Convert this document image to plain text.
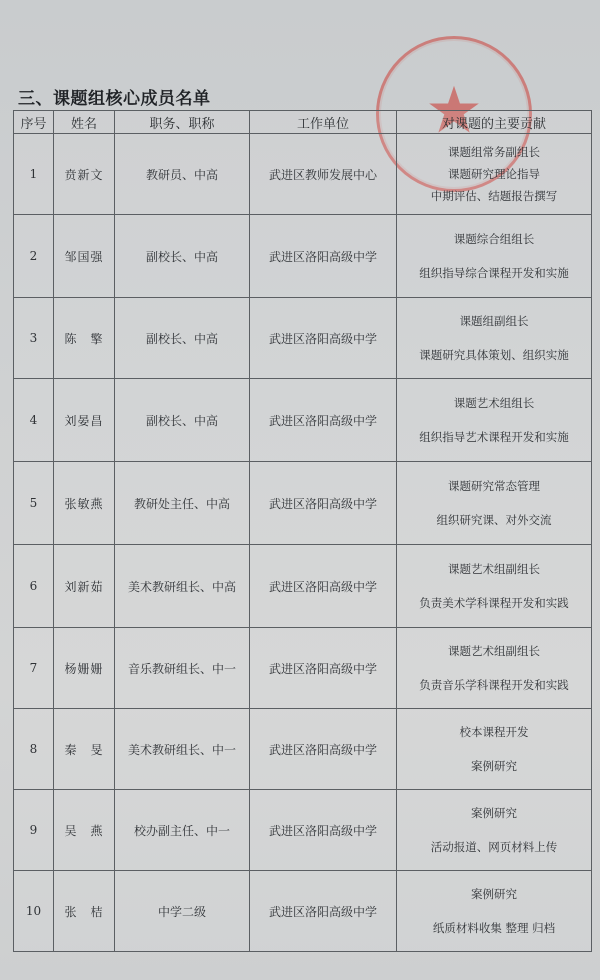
三、课题组核心成员名单
序号	姓名	职务、职称	工作单位	对课题的主要贡献
1	贲新文	教研员、中高	武进区教师发展中心	课题组常务副组长
课题研究理论指导
中期评估、结题报告撰写

2	邹国强	副校长、中高	武进区洛阳高级中学	课题综合组组长
组织指导综合课程开发和实施

3	陈　擎	副校长、中高	武进区洛阳高级中学	课题组副组长
课题研究具体策划、组织实施

4	刘晏昌	副校长、中高	武进区洛阳高级中学	课题艺术组组长
组织指导艺术课程开发和实施

5	张敏燕	教研处主任、中高	武进区洛阳高级中学	课题研究常态管理
组织研究课、对外交流

6	刘新茹	美术教研组长、中高	武进区洛阳高级中学	课题艺术组副组长
负责美术学科课程开发和实践

7	杨姗姗	音乐教研组长、中一	武进区洛阳高级中学	课题艺术组副组长
负责音乐学科课程开发和实践

8	秦　旻	美术教研组长、中一	武进区洛阳高级中学	校本课程开发
案例研究

9	吴　燕	校办副主任、中一	武进区洛阳高级中学	案例研究
活动报道、网页材料上传

10	张　桔	中学二级	武进区洛阳高级中学	案例研究
纸质材料收集 整理 归档
